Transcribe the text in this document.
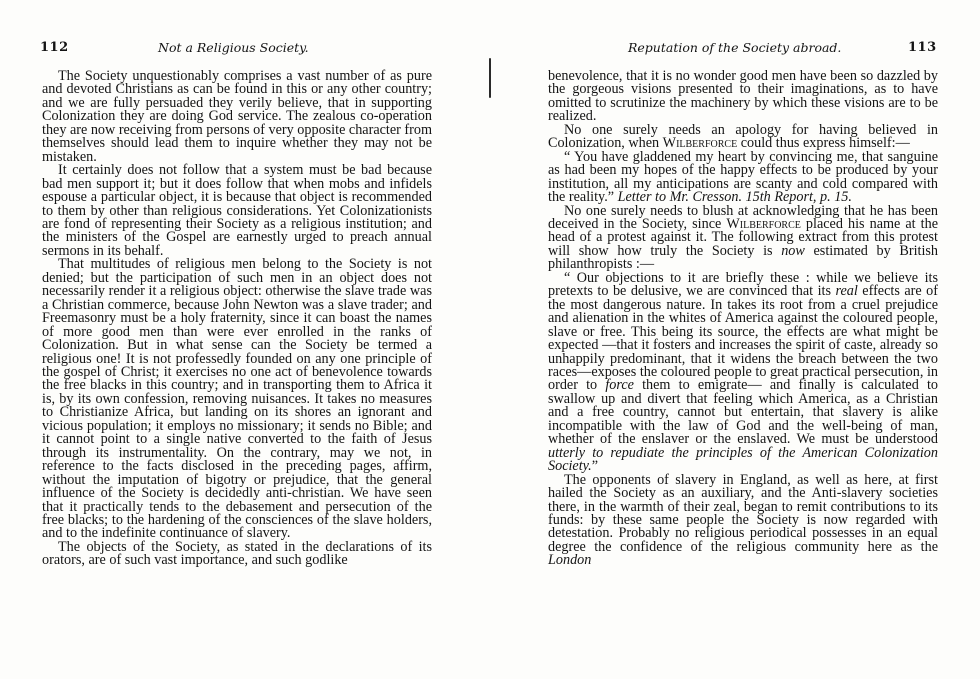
112	Not a Religious Society.

The Society unquestionably comprises a vast number of as pure and devoted Christians as can be found in this or any other country; and we are fully persuaded they verily believe, that in supporting Colonization they are doing God service. The zealous co-operation they are now receiving from persons of very opposite character from themselves should lead them to inquire whether they may not be mistaken.

It certainly does not follow that a system must be bad because bad men support it; but it does follow that when mobs and infidels espouse a particular object, it is because that object is recommended to them by other than religious considerations. Yet Colonizationists are fond of representing their Society as a religious institution; and the ministers of the Gospel are earnestly urged to preach annual sermons in its behalf.

That multitudes of religious men belong to the Society is not denied; but the participation of such men in an object does not necessarily render it a religious object: otherwise the slave trade was a Christian commerce, because John Newton was a slave trader; and Freemasonry must be a holy fraternity, since it can boast the names of more good men than were ever enrolled in the ranks of Colonization. But in what sense can the Society be termed a religious one! It is not professedly founded on any one principle of the gospel of Christ; it exercises no one act of benevolence towards the free blacks in this country; and in transporting them to Africa it is, by its own confession, removing nuisances. It takes no measures to Christianize Africa, but landing on its shores an ignorant and vicious population; it employs no missionary; it sends no Bible; and it cannot point to a single native converted to the faith of Jesus through its instrumentality. On the contrary, may we not, in reference to the facts disclosed in the preceding pages, affirm, without the imputation of bigotry or prejudice, that the general influence of the Society is decidedly anti-christian. We have seen that it practically tends to the debasement and persecution of the free blacks; to the hardening of the consciences of the slave holders, and to the indefinite continuance of slavery.

The objects of the Society, as stated in the declarations of its orators, are of such vast importance, and such godlike

Reputation of the Society abroad.	113

benevolence, that it is no wonder good men have been so dazzled by the gorgeous visions presented to their imaginations, as to have omitted to scrutinize the machinery by which these visions are to be realized.

No one surely needs an apology for having believed in Colonization, when Wilberforce could thus express himself:—

“ You have gladdened my heart by convincing me, that sanguine as had been my hopes of the happy effects to be produced by your institution, all my anticipations are scanty and cold compared with the reality.” Letter to Mr. Cresson. 15th Report, p. 15.

No one surely needs to blush at acknowledging that he has been deceived in the Society, since Wilberforce placed his name at the head of a protest against it. The following extract from this protest will show how truly the Society is now estimated by British philanthropists :—

“ Our objections to it are briefly these : while we believe its pretexts to be delusive, we are convinced that its real effects are of the most dangerous nature. In takes its root from a cruel prejudice and alienation in the whites of America against the coloured people, slave or free. This being its source, the effects are what might be expected —that it fosters and increases the spirit of caste, already so unhappily predominant, that it widens the breach between the two races—exposes the coloured people to great practical persecution, in order to force them to emigrate— and finally is calculated to swallow up and divert that feeling which America, as a Christian and a free country, cannot but entertain, that slavery is alike incompatible with the law of God and the well-being of man, whether of the enslaver or the enslaved. We must be understood utterly to repudiate the principles of the American Colonization Society.”

The opponents of slavery in England, as well as here, at first hailed the Society as an auxiliary, and the Anti-slavery societies there, in the warmth of their zeal, began to remit contributions to its funds: by these same people the Society is now regarded with detestation. Probably no religious periodical possesses in an equal degree the confidence of the religious community here as the London
